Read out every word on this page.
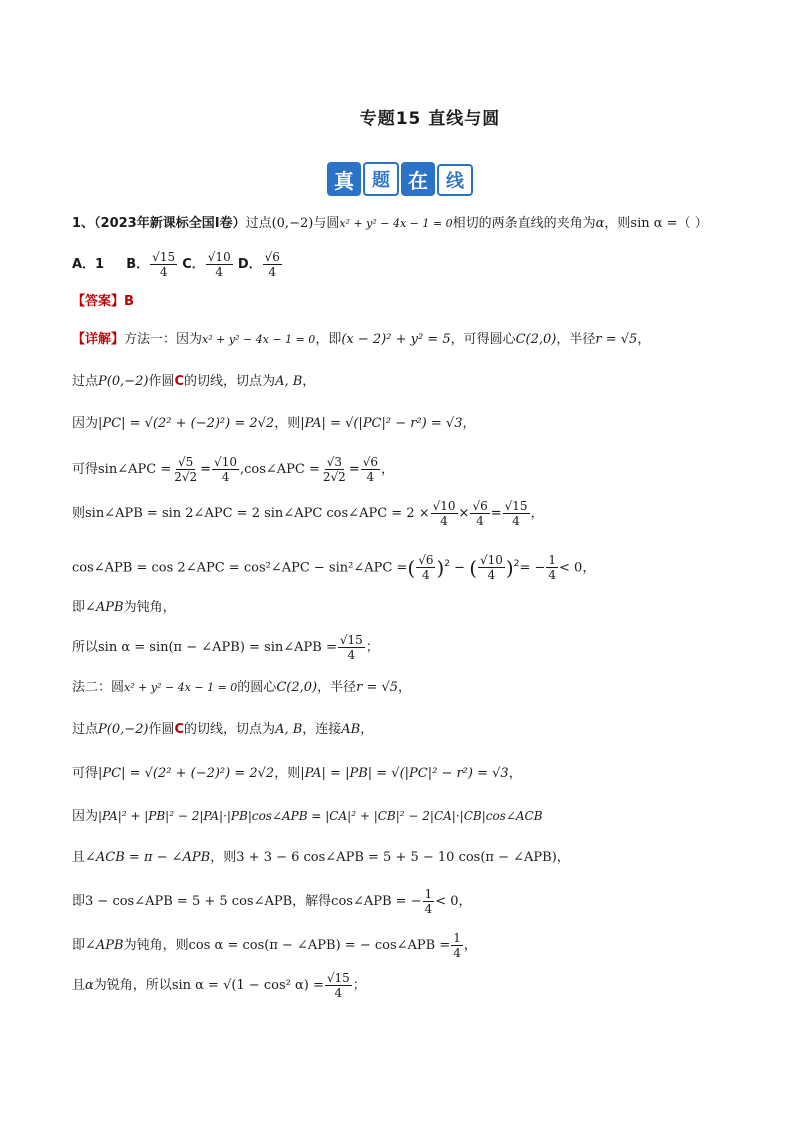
专题15 直线与圆
真	题 在	线
1、（2023年新课标全国Ⅰ卷）过点(0,−2)与圆x² + y² − 4x − 1 = 0相切的两条直线的夹角为α，则sin α =（ ）
A．1 B． $\frac{√15}{4}$ C． $\frac{√10}{4}$ D． $\frac{√6}{4}$
【答案】B
【详解】方法一：因为x² + y² − 4x − 1 = 0，即(x − 2)² + y² = 5，可得圆心C(2,0)，半径r = √5，
过点P(0,−2)作圆C的切线，切点为A, B，
因为|PC| = √(2² + (−2)²) = 2√2，则|PA| = √(|PC|² − r²) = √3，
可得sin∠APC = $\frac{√5}{2√2} = \frac{√10}{4}$ ,cos∠APC = $\frac{√3}{2√2} = \frac{√6}{4}$ ，
则sin∠APB = sin 2∠APC = 2 sin∠APC cos∠APC = $2 \times \frac{√10}{4} \times \frac{√6}{4} = \frac{√15}{4}$ ，
cos∠APB = cos 2∠APC = cos²∠APC − sin²∠APC =( $\frac{√6}{4} )^2$ − ( $\frac{√10}{4} )^2= - \frac{1}{4} < 0$，
即∠APB为钝角，
所以sin α = sin(π − ∠APB) = sin∠APB = $\frac{√15}{4}$ ；
法二：圆x² + y² − 4x − 1 = 0的圆心C(2,0)，半径r = √5，
过点P(0,−2)作圆C的切线，切点为A, B，连接AB，
可得|PC| = √(2² + (−2)²) = 2√2，则|PA| = |PB| = √(|PC|² − r²) = √3，
因为|PA|² + |PB|² − 2|PA|·|PB|cos∠APB = |CA|² + |CB|² − 2|CA|·|CB|cos∠ACB
且∠ACB = π − ∠APB，则3 + 3 − 6 cos∠APB = 5 + 5 − 10 cos(π − ∠APB)，
即3 − cos∠APB = 5 + 5 cos∠APB，解得cos∠APB = − $\frac{1}{4} < 0$，
即∠APB为钝角，则cos α = cos(π − ∠APB) = − cos∠APB = $\frac{1}{4}$ ，
且α为锐角，所以sin α = √(1 − cos² $\alpha) = \frac{√15}{4}$ ；
